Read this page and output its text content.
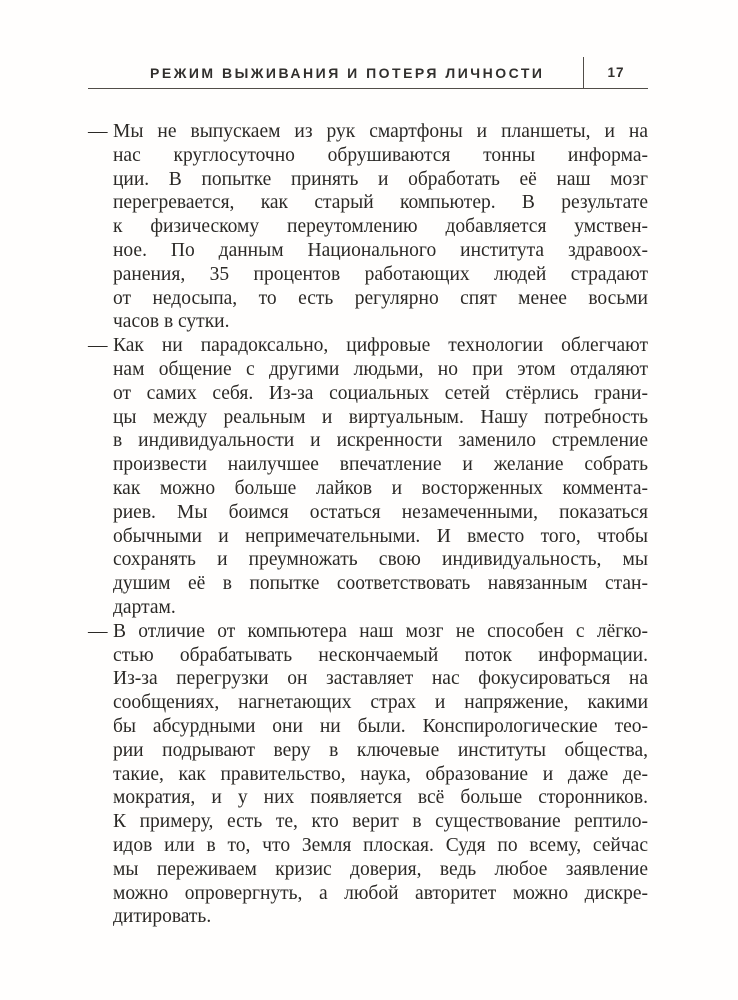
РЕЖИМ ВЫЖИВАНИЯ И ПОТЕРЯ ЛИЧНОСТИ	17
— Мы не выпускаем из рук смартфоны и планшеты, и на
нас круглосуточно обрушиваются тонны информа-
ции. В попытке принять и обработать её наш мозг
перегревается, как старый компьютер. В результате
к физическому переутомлению добавляется умствен-
ное. По данным Национального института здравоох-
ранения, 35 процентов работающих людей страдают
от недосыпа, то есть регулярно спят менее восьми
часов в сутки.
— Как ни парадоксально, цифровые технологии облегчают
нам общение с другими людьми, но при этом отдаляют
от самих себя. Из-за социальных сетей стёрлись грани-
цы между реальным и виртуальным. Нашу потребность
в индивидуальности и искренности заменило стремление
произвести наилучшее впечатление и желание собрать
как можно больше лайков и восторженных коммента-
риев. Мы боимся остаться незамеченными, показаться
обычными и непримечательными. И вместо того, чтобы
сохранять и преумножать свою индивидуальность, мы
душим её в попытке соответствовать навязанным стан-
дартам.
— В отличие от компьютера наш мозг не способен с лёгко-
стью обрабатывать нескончаемый поток информации.
Из-за перегрузки он заставляет нас фокусироваться на
сообщениях, нагнетающих страх и напряжение, какими
бы абсурдными они ни были. Конспирологические тео-
рии подрывают веру в ключевые институты общества,
такие, как правительство, наука, образование и даже де-
мократия, и у них появляется всё больше сторонников.
К примеру, есть те, кто верит в существование рептило-
идов или в то, что Земля плоская. Судя по всему, сейчас
мы переживаем кризис доверия, ведь любое заявление
можно опровергнуть, а любой авторитет можно дискре-
дитировать.
